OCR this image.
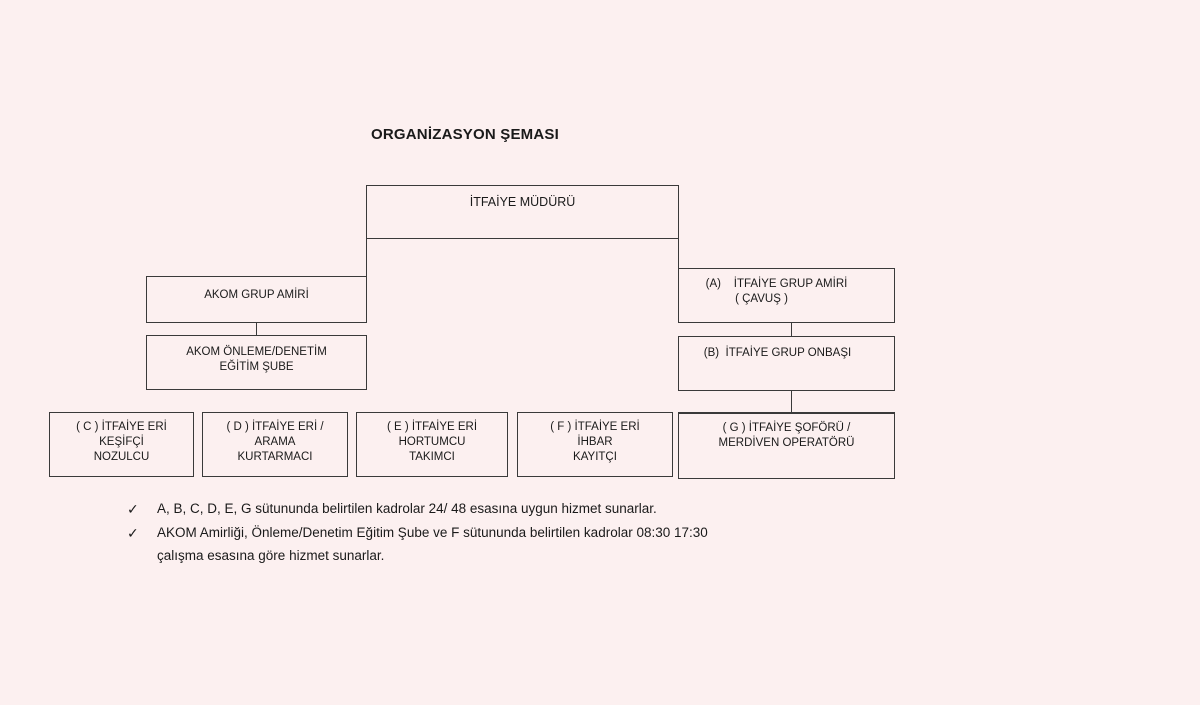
ORGANİZASYON ŞEMASI
İTFAİYE MÜDÜRÜ
AKOM GRUP AMİRİ
AKOM ÖNLEME/DENETİM
EĞİTİM ŞUBE
(A)    İTFAİYE GRUP AMİRİ
( ÇAVUŞ )
(B)  İTFAİYE GRUP ONBAŞI
( C ) İTFAİYE ERİ
KEŞİFÇİ
NOZULCU
( D ) İTFAİYE ERİ /
ARAMA
KURTARMACI
( E ) İTFAİYE ERİ
HORTUMCU
TAKIMCI
( F ) İTFAİYE ERİ
İHBAR
KAYITÇI
( G ) İTFAİYE ŞOFÖRÜ /
MERDİVEN OPERATÖRÜ
✓ A, B, C, D, E, G sütununda belirtilen kadrolar 24/ 48 esasına uygun hizmet sunarlar.
✓ AKOM Amirliği, Önleme/Denetim Eğitim Şube ve F sütununda belirtilen kadrolar 08:30 17:30
çalışma esasına göre hizmet sunarlar.
